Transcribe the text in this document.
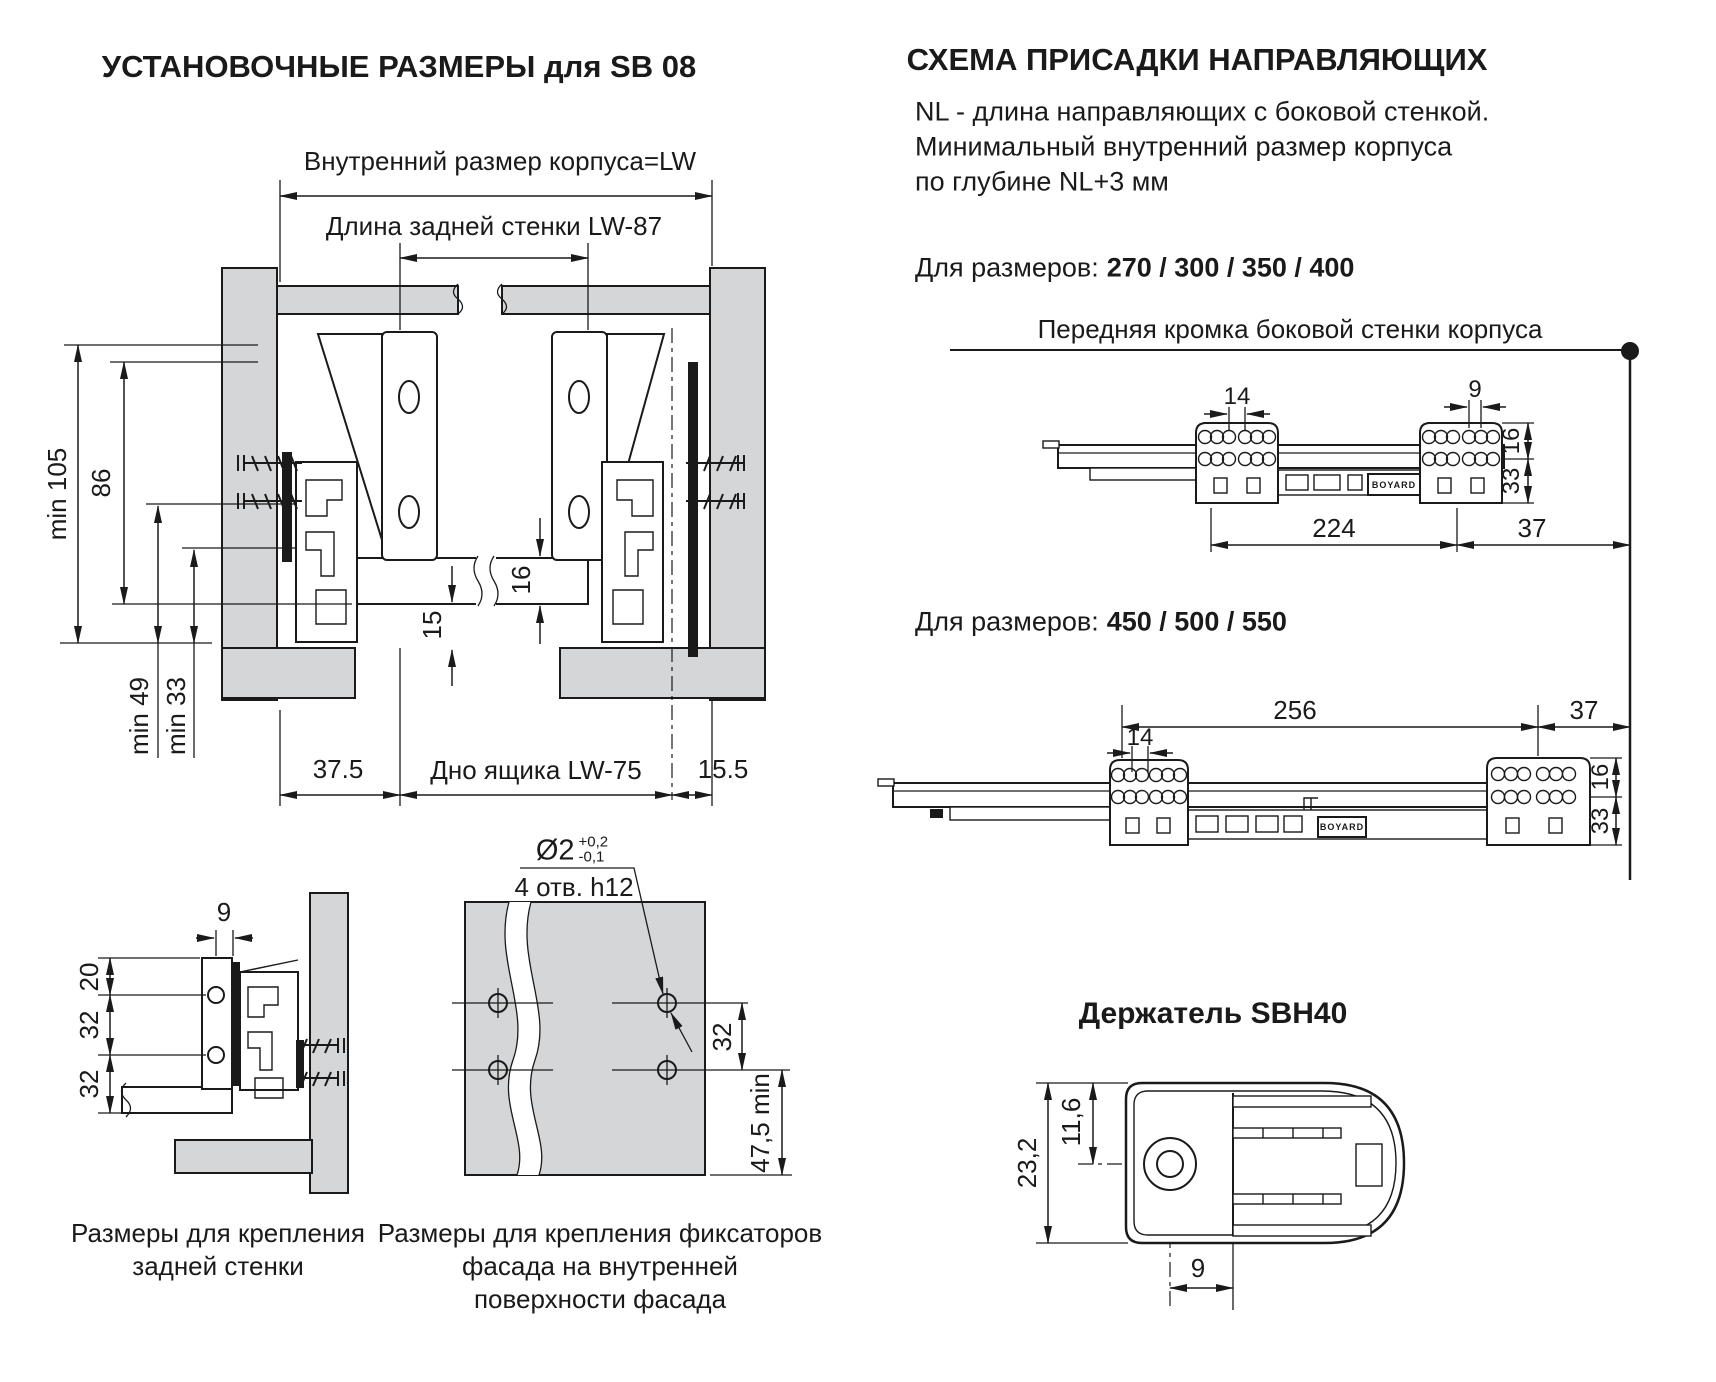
УСТАНОВОЧНЫЕ РАЗМЕРЫ для SB 08
Внутренний размер корпуса=LW
Длина задней стенки LW-87
min 105 86
min 49 min 33
16
15
37.5	Дно ящика LW-75 15.5
9
20
32
32
Размеры для крепления
задней стенки
Ø2 +0,2
-0,1
4 отв. h12
32
47,5 min
Размеры для крепления фиксаторов
фасада на внутренней
поверхности фасада
СХЕМА ПРИСАДКИ НАПРАВЛЯЮЩИХ
NL - длина направляющих с боковой стенкой.
Минимальный внутренний размер корпуса
по глубине NL+3 мм
Для размеров: 270 / 300 / 350 / 400
Передняя кромка боковой стенки корпуса
14	9
16
33
224	37
BOYARD
Для размеров: 450 / 500 / 550
256	37
14
16
33
BOYARD
Держатель SBH40
23,2
11,6
9
